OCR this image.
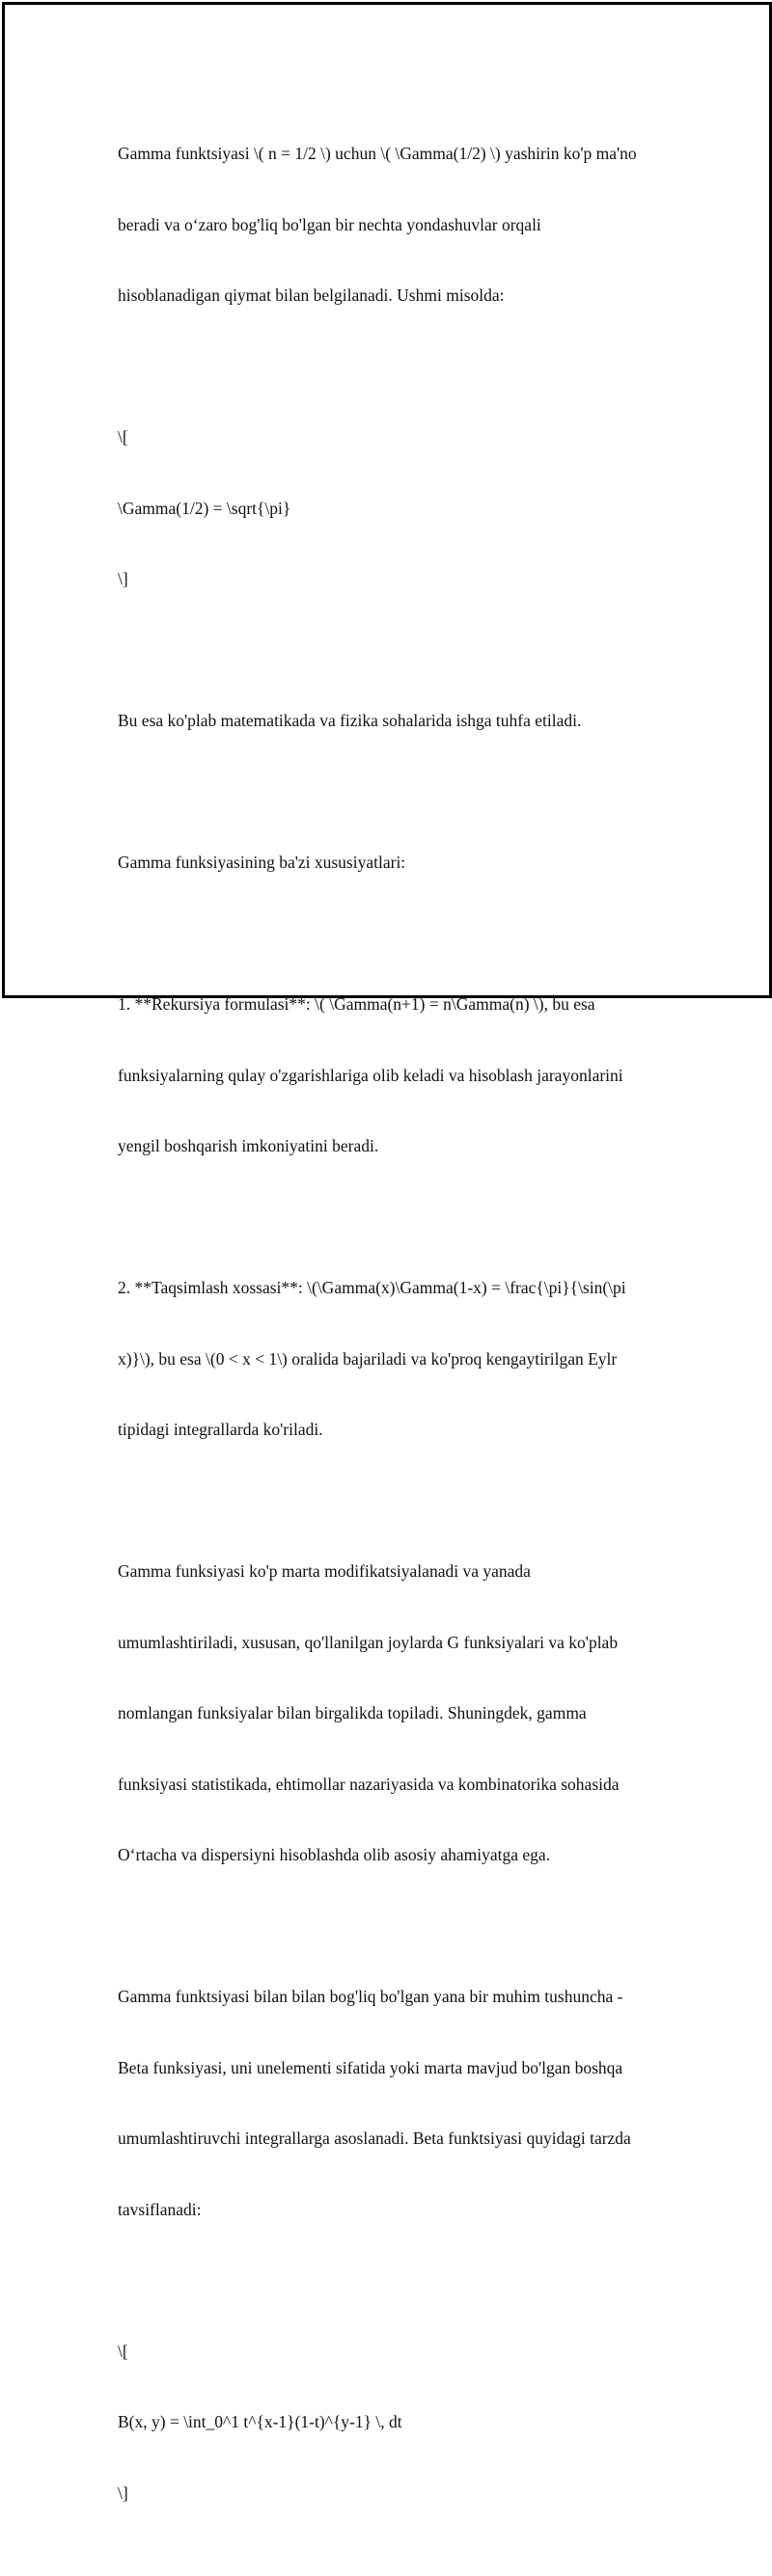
Gamma funktsiyasi \( n = 1/2 \) uchun \( \Gamma(1/2) \) yashirin ko'p ma'no

beradi va o‘zaro bog'liq bo'lgan bir nechta yondashuvlar orqali

hisoblanadigan qiymat bilan belgilanadi. Ushmi misolda:

\[

\Gamma(1/2) = \sqrt{\pi}

\]

Bu esa ko'plab matematikada va fizika sohalarida ishga tuhfa etiladi.

Gamma funksiyasining ba'zi xususiyatlari:

1. **Rekursiya formulasi**: \( \Gamma(n+1) = n\Gamma(n) \), bu esa

funksiyalarning qulay o'zgarishlariga olib keladi va hisoblash jarayonlarini

yengil boshqarish imkoniyatini beradi.

2. **Taqsimlash xossasi**: \(\Gamma(x)\Gamma(1-x) = \frac{\pi}{\sin(\pi

x)}\), bu esa \(0 < x < 1\) oralida bajariladi va ko'proq kengaytirilgan Eylr

tipidagi integrallarda ko'riladi.

Gamma funksiyasi ko'p marta modifikatsiyalanadi va yanada

umumlashtiriladi, xususan, qo'llanilgan joylarda G funksiyalari va ko'plab

nomlangan funksiyalar bilan birgalikda topiladi. Shuningdek, gamma

funksiyasi statistikada, ehtimollar nazariyasida va kombinatorika sohasida

O‘rtacha va dispersiyni hisoblashda olib asosiy ahamiyatga ega.

Gamma funktsiyasi bilan bilan bog'liq bo'lgan yana bir muhim tushuncha -

Beta funksiyasi, uni unelementi sifatida yoki marta mavjud bo'lgan boshqa

umumlashtiruvchi integrallarga asoslanadi. Beta funktsiyasi quyidagi tarzda

tavsiflanadi:

\[

B(x, y) = \int_0^1 t^{x-1}(1-t)^{y-1} \, dt

\]
